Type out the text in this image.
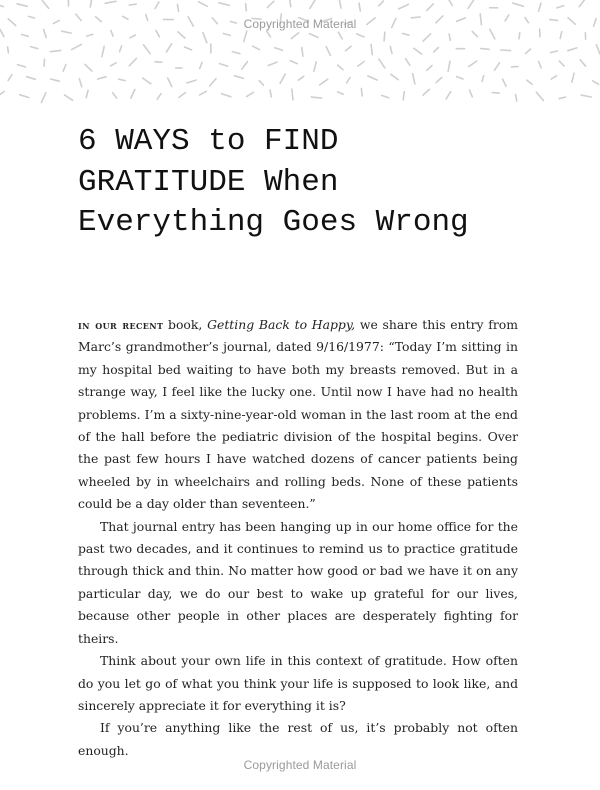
Copyrighted Material
6 WAYS to FIND
GRATITUDE When
Everything Goes Wrong

in our recent book, Getting Back to Happy, we share this entry from Marc’s grandmother’s journal, dated 9/16/1977: “Today I’m sitting in my hospital bed waiting to have both my breasts removed. But in a strange way, I feel like the lucky one. Until now I have had no health problems. I’m a sixty-nine-year-old woman in the last room at the end of the hall before the pediatric division of the hospital begins. Over the past few hours I have watched dozens of cancer patients being wheeled by in wheelchairs and rolling beds. None of these patients could be a day older than seventeen.”

That journal entry has been hanging up in our home office for the past two decades, and it continues to remind us to practice gratitude through thick and thin. No matter how good or bad we have it on any particular day, we do our best to wake up grateful for our lives, because other people in other places are desperately fighting for theirs.

Think about your own life in this context of gratitude. How often do you let go of what you think your life is supposed to look like, and sincerely appreciate it for everything it is?

If you’re anything like the rest of us, it’s probably not often enough.

Copyrighted Material
